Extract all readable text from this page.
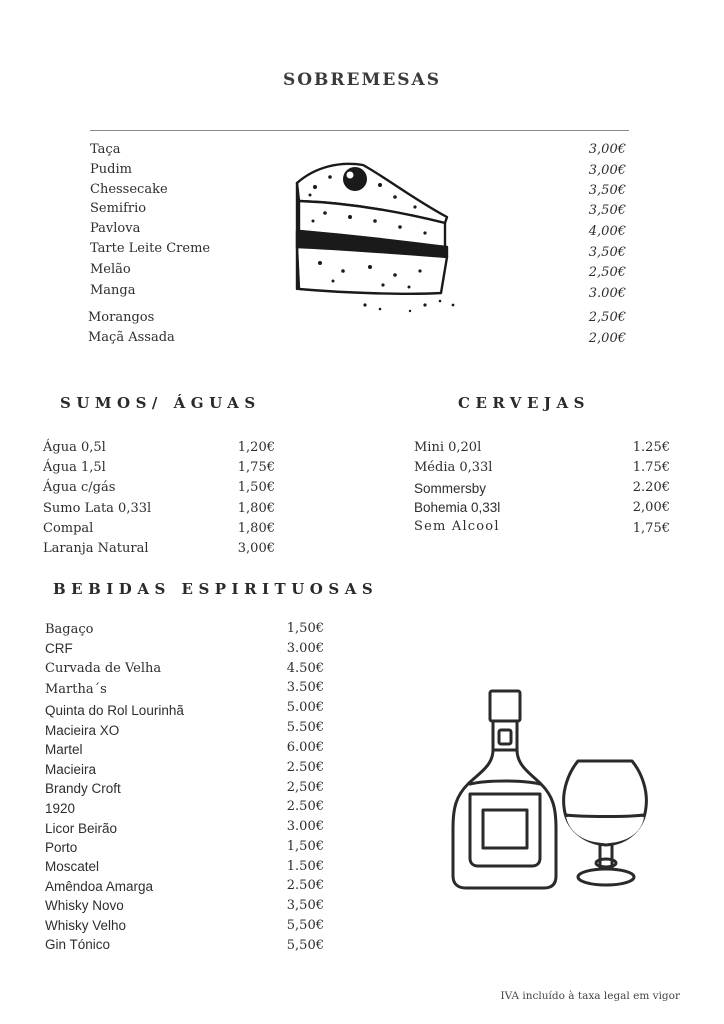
SOBREMESAS
Taça	3,00€
Pudim	3,00€
Chessecake	3,50€
Semifrio	3,50€
Pavlova	4,00€
Tarte Leite Creme	3,50€
Melão	2,50€
Manga	3.00€
Morangos	2,50€
Maçã Assada	2,00€
SUMOS/ ÁGUAS
Água 0,5l	1,20€
Água 1,5l	1,75€
Água c/gás	1,50€
Sumo Lata 0,33l	1,80€
Compal	1,80€
Laranja Natural	3,00€
CERVEJAS
Mini 0,20l	1.25€
Média 0,33l	1.75€
Sommersby	2.20€
Bohemia 0,33l	2,00€
Sem Alcool	1,75€
BEBIDAS ESPIRITUOSAS
Bagaço	1,50€
CRF	3.00€
Curvada de Velha	4.50€
Martha´s	3.50€
Quinta do Rol Lourinhã	5.00€
Macieira XO	5.50€
Martel	6.00€
Macieira	2.50€
Brandy Croft	2,50€
1920	2.50€
Licor Beirão	3.00€
Porto	1,50€
Moscatel	1.50€
Amêndoa Amarga	2.50€
Whisky Novo	3,50€
Whisky Velho	5,50€
Gin Tónico	5,50€
IVA incluído à taxa legal em vigor
